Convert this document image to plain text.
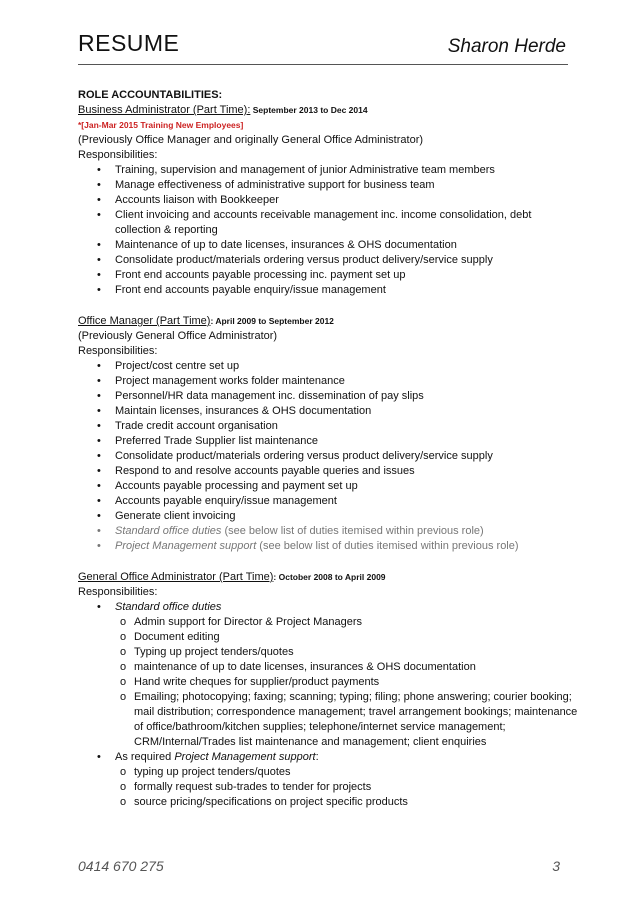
RESUME	Sharon Herde
ROLE ACCOUNTABILITIES:
Business Administrator (Part Time): September 2013 to Dec 2014
*[Jan-Mar 2015 Training New Employees]
(Previously Office Manager and originally General Office Administrator)
Responsibilities:
• Training, supervision and management of junior Administrative team members
• Manage effectiveness of administrative support for business team
• Accounts liaison with Bookkeeper
• Client invoicing and accounts receivable management inc. income consolidation, debt collection & reporting
• Maintenance of up to date licenses, insurances & OHS documentation
• Consolidate product/materials ordering versus product delivery/service supply
• Front end accounts payable processing inc. payment set up
• Front end accounts payable enquiry/issue management
Office Manager (Part Time): April 2009 to September 2012
(Previously General Office Administrator)
Responsibilities:
• Project/cost centre set up
• Project management works folder maintenance
• Personnel/HR data management inc. dissemination of pay slips
• Maintain licenses, insurances & OHS documentation
• Trade credit account organisation
• Preferred Trade Supplier list maintenance
• Consolidate product/materials ordering versus product delivery/service supply
• Respond to and resolve accounts payable queries and issues
• Accounts payable processing and payment set up
• Accounts payable enquiry/issue management
• Generate client invoicing
• Standard office duties (see below list of duties itemised within previous role)
• Project Management support (see below list of duties itemised within previous role)
General Office Administrator (Part Time): October 2008 to April 2009
Responsibilities:
• Standard office duties
o Admin support for Director & Project Managers
o Document editing
o Typing up project tenders/quotes
o maintenance of up to date licenses, insurances & OHS documentation
o Hand write cheques for supplier/product payments
o Emailing; photocopying; faxing; scanning; typing; filing; phone answering; courier booking; mail distribution; correspondence management; travel arrangement bookings; maintenance of office/bathroom/kitchen supplies; telephone/internet service management; CRM/Internal/Trades list maintenance and management; client enquiries
• As required Project Management support:
o typing up project tenders/quotes
o formally request sub-trades to tender for projects
o source pricing/specifications on project specific products
0414 670 275	3
